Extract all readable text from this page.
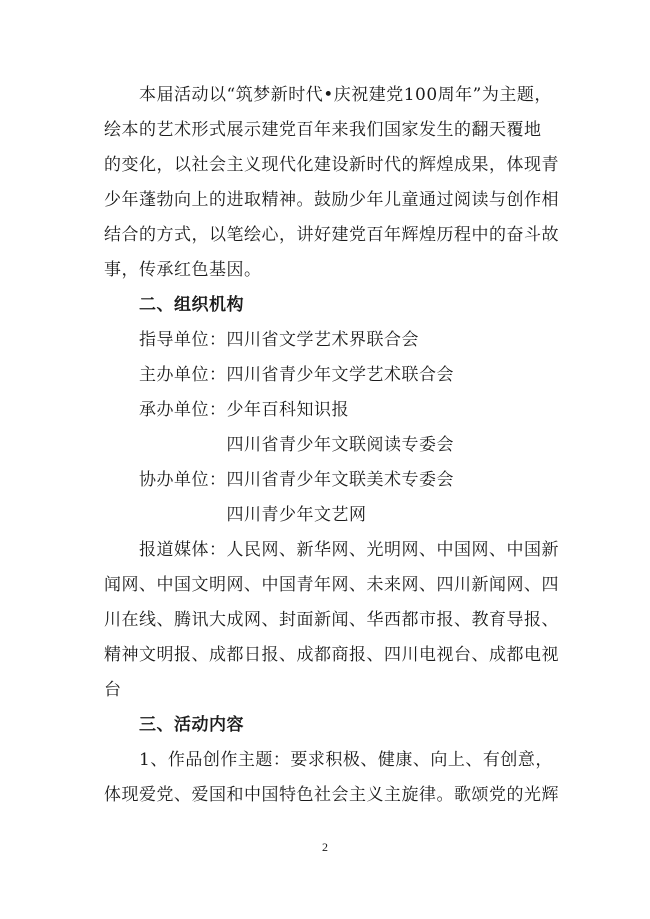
　　本届活动以“筑梦新时代•庆祝建党100周年”为主题，
绘本的艺术形式展示建党百年来我们国家发生的翻天覆地
的变化，以社会主义现代化建设新时代的辉煌成果，体现青
少年蓬勃向上的进取精神。鼓励少年儿童通过阅读与创作相
结合的方式，以笔绘心，讲好建党百年辉煌历程中的奋斗故
事，传承红色基因。
　　二、组织机构
　　指导单位：四川省文学艺术界联合会
　　主办单位：四川省青少年文学艺术联合会
　　承办单位：少年百科知识报
　　　　　　　四川省青少年文联阅读专委会
　　协办单位：四川省青少年文联美术专委会
　　　　　　　四川青少年文艺网
　　报道媒体：人民网、新华网、光明网、中国网、中国新
闻网、中国文明网、中国青年网、未来网、四川新闻网、四
川在线、腾讯大成网、封面新闻、华西都市报、教育导报、
精神文明报、成都日报、成都商报、四川电视台、成都电视
台
　　三、活动内容
　　1、作品创作主题：要求积极、健康、向上、有创意，
体现爱党、爱国和中国特色社会主义主旋律。歌颂党的光辉
2
